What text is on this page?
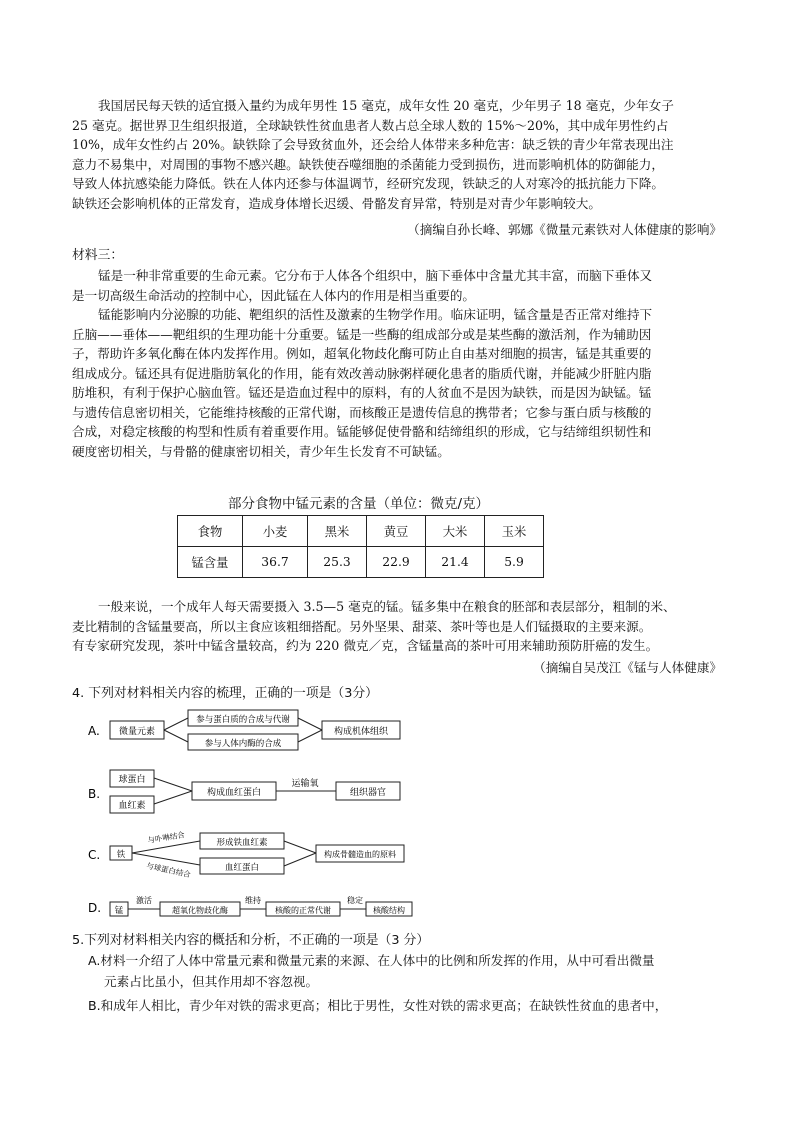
我国居民每天铁的适宜摄入量约为成年男性 15 毫克，成年女性 20 毫克，少年男子 18 毫克，少年女子
25 毫克。据世界卫生组织报道，全球缺铁性贫血患者人数占总全球人数的 15%～20%，其中成年男性约占
10%，成年女性约占 20%。缺铁除了会导致贫血外，还会给人体带来多种危害：缺乏铁的青少年常表现出注
意力不易集中，对周围的事物不感兴趣。缺铁使吞噬细胞的杀菌能力受到损伤，进而影响机体的防御能力，
导致人体抗感染能力降低。铁在人体内还参与体温调节，经研究发现，铁缺乏的人对寒冷的抵抗能力下降。
缺铁还会影响机体的正常发育，造成身体增长迟缓、骨骼发育异常，特别是对青少年影响较大。
（摘编自孙长峰、郭娜《微量元素铁对人体健康的影响》
材料三：
锰是一种非常重要的生命元素。它分布于人体各个组织中，脑下垂体中含量尤其丰富，而脑下垂体又
是一切高级生命活动的控制中心，因此锰在人体内的作用是相当重要的。
锰能影响内分泌腺的功能、靶组织的活性及激素的生物学作用。临床证明，锰含量是否正常对维持下
丘脑——垂体——靶组织的生理功能十分重要。锰是一些酶的组成部分或是某些酶的激活剂，作为辅助因
子，帮助许多氧化酶在体内发挥作用。例如，超氧化物歧化酶可防止自由基对细胞的损害，锰是其重要的
组成成分。锰还具有促进脂肪氧化的作用，能有效改善动脉粥样硬化患者的脂质代谢，并能减少肝脏内脂
肪堆积，有利于保护心脑血管。锰还是造血过程中的原料，有的人贫血不是因为缺铁，而是因为缺锰。锰
与遗传信息密切相关，它能维持核酸的正常代谢，而核酸正是遗传信息的携带者；它参与蛋白质与核酸的
合成，对稳定核酸的构型和性质有着重要作用。锰能够促使骨骼和结缔组织的形成，它与结缔组织韧性和
硬度密切相关，与骨骼的健康密切相关，青少年生长发育不可缺锰。
部分食物中锰元素的含量（单位：微克/克）
食物	小麦	黑米	黄豆	大米	玉米
锰含量	36.7	25.3	22.9	21.4	5.9
一般来说，一个成年人每天需要摄入 3.5—5 毫克的锰。锰多集中在粮食的胚部和表层部分，粗制的米、
麦比精制的含锰量要高，所以主食应该粗细搭配。另外坚果、甜菜、茶叶等也是人们锰摄取的主要来源。
有专家研究发现，茶叶中锰含量较高，约为 220 微克／克，含锰量高的茶叶可用来辅助预防肝癌的发生。
（摘编自吴茂江《锰与人体健康》
4. 下列对材料相关内容的梳理，正确的一项是（3分）
A. 微量元素
参与蛋白质的合成与代谢
参与人体内酶的合成
构成机体组织
B.
球蛋白
血红素
构成血红蛋白
运输氧
组织器官
C. 铁
与卟啉结合
与球蛋白结合
形成铁血红素
血红蛋白
构成骨髓造血的原料
D. 锰
激活
超氧化物歧化酶
维持
核酸的正常代谢
稳定
核酸结构
5.下列对材料相关内容的概括和分析，不正确的一项是（3 分）
A.材料一介绍了人体中常量元素和微量元素的来源、在人体中的比例和所发挥的作用，从中可看出微量
元素占比虽小，但其作用却不容忽视。
B.和成年人相比，青少年对铁的需求更高；相比于男性，女性对铁的需求更高；在缺铁性贫血的患者中，
